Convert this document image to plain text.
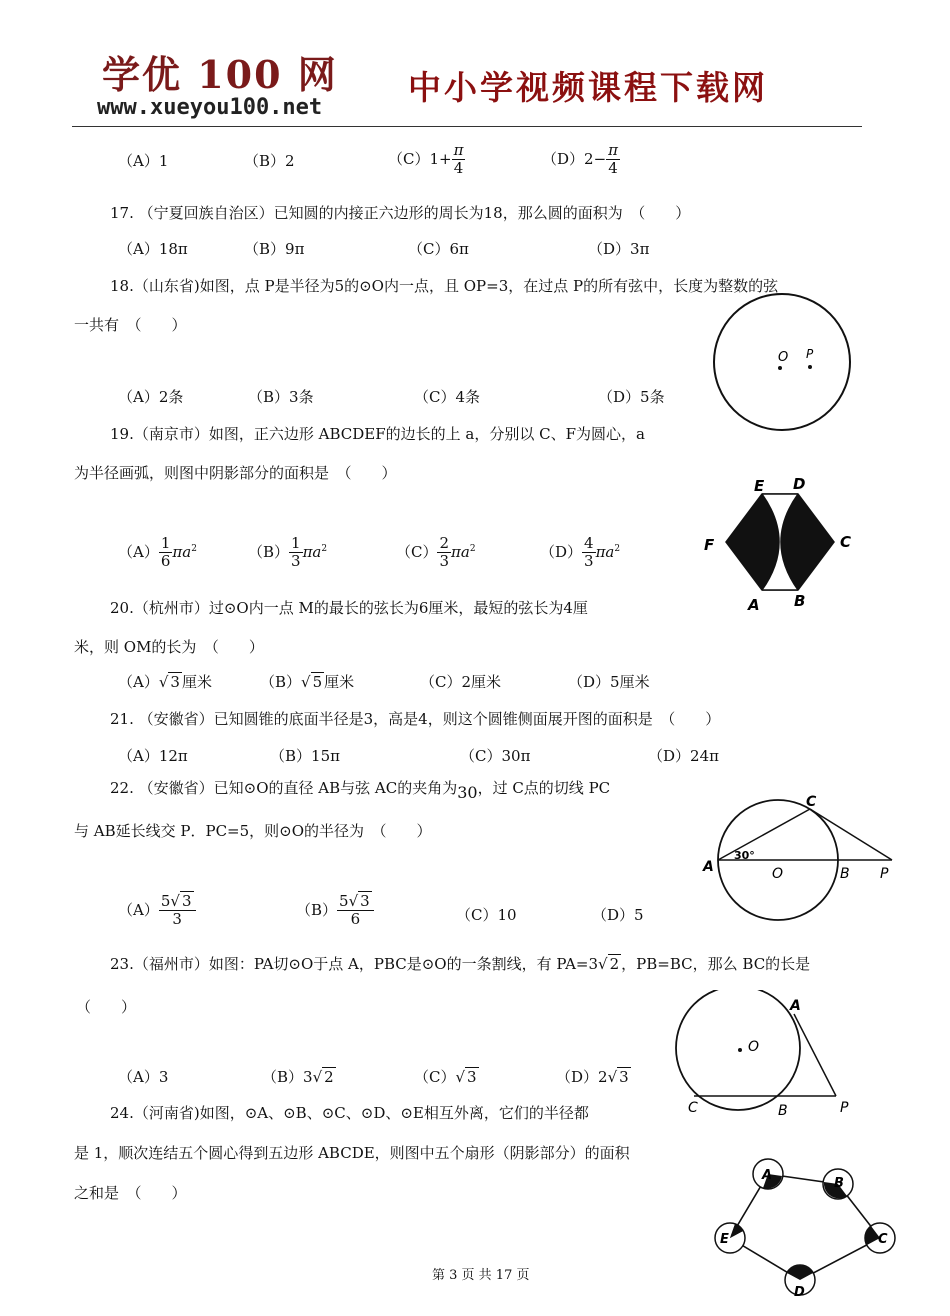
学优 100 网
www.xueyou100.net
中小学视频课程下载网
（A）1	（B）2	$(C)1+ \frac{\pi}{4}$	$(D)2- \frac{\pi}{4}$
17. （宁夏回族自治区）已知圆的内接正六边形的周长为18，那么圆的面积为　（　　）
（A）18π	（B）9π	（C）6π	（D）3π
18.（山东省)如图，点 P是半径为5的⊙O内一点，且 OP=3，在过点 P的所有弦中，长度为整数的弦
一共有　（　　）
（A）2条	（B）3条	（C）4条	（D）5条
O P
19.（南京市）如图，正六边形 ABCDEF的边长的上 a，分别以 C、F为圆心，a
为半径画弧，则图中阴影部分的面积是　（　　）
$(A) \frac{1}{6} \pi a^2$	$(B) \frac{1}{3} \pi a^2$	$(C) \frac{2}{3} \pi a^2$	$(D) \frac{4}{3} \pi a^2$
E D
C
B
A
F
20.（杭州市）过⊙O内一点 M的最长的弦长为6厘米，最短的弦长为4厘
米，则 OM的长为　（　　）
（A）√ 3 厘米	（B）√ 5 厘米	（C）2厘米	（D）5厘米
21. （安徽省）已知圆锥的底面半径是3，高是4，则这个圆锥侧面展开图的面积是　（　　）
（A）12π	（B）15π	（C）30π	（D）24π
22. （安徽省）已知⊙O的直径 AB与弦 AC的夹角为30，过 C点的切线 PC
与 AB延长线交 P．PC=5，则⊙O的半径为　（　　）
$(A) \frac{5√ 3}{3}$	$(B) \frac{5√ 3}{6}$	（C）10	（D）5
A
30°
O	B P
C
23.（福州市）如图：PA切⊙O于点 A，PBC是⊙O的一条割线，有 PA=3√ 2 ，PB=BC，那么 BC的长是
（　　）
（A）3	（B）3√ 2	（C）√ 3	（D）2√ 3
O
A
C	B	P
24.（河南省)如图，⊙A、⊙B、⊙C、⊙D、⊙E相互外离，它们的半径都
是 1，顺次连结五个圆心得到五边形 ABCDE，则图中五个扇形（阴影部分）的面积
之和是　（　　）
A
B
C
D
E
第 3 页 共 17 页
